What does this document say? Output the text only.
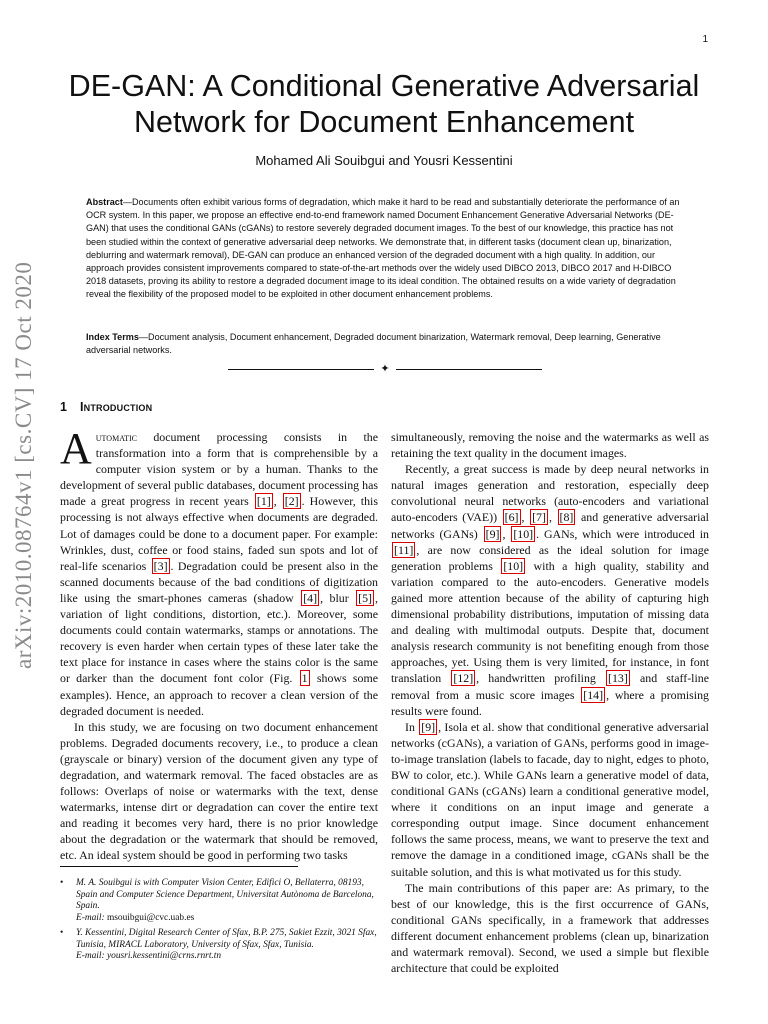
1
arXiv:2010.08764v1 [cs.CV] 17 Oct 2020
DE-GAN: A Conditional Generative Adversarial Network for Document Enhancement
Mohamed Ali Souibgui and Yousri Kessentini

Abstract—Documents often exhibit various forms of degradation, which make it hard to be read and substantially deteriorate the performance of an OCR system. In this paper, we propose an effective end-to-end framework named Document Enhancement Generative Adversarial Networks (DE-GAN) that uses the conditional GANs (cGANs) to restore severely degraded document images. To the best of our knowledge, this practice has not been studied within the context of generative adversarial deep networks. We demonstrate that, in different tasks (document clean up, binarization, deblurring and watermark removal), DE-GAN can produce an enhanced version of the degraded document with a high quality. In addition, our approach provides consistent improvements compared to state-of-the-art methods over the widely used DIBCO 2013, DIBCO 2017 and H-DIBCO 2018 datasets, proving its ability to restore a degraded document image to its ideal condition. The obtained results on a wide variety of degradation reveal the flexibility of the proposed model to be exploited in other document enhancement problems.

Index Terms—Document analysis, Document enhancement, Degraded document binarization, Watermark removal, Deep learning, Generative adversarial networks.

✦
1 Introduction

Automatic document processing consists in the transformation into a form that is comprehensible by a computer vision system or by a human. Thanks to the development of several public databases, document processing has made a great progress in recent years [1] , [2] . However, this processing is not always effective when documents are degraded. Lot of damages could be done to a document paper. For example: Wrinkles, dust, coffee or food stains, faded sun spots and lot of real-life scenarios [3] . Degradation could be present also in the scanned documents because of the bad conditions of digitization like using the smart-phones cameras (shadow [4] , blur [5] , variation of light conditions, distortion, etc.). Moreover, some documents could contain watermarks, stamps or annotations. The recovery is even harder when certain types of these later take the text place for instance in cases where the stains color is the same or darker than the document font color (Fig. 1 shows some examples). Hence, an approach to recover a clean version of the degraded document is needed.

In this study, we are focusing on two document enhancement problems. Degraded documents recovery, i.e., to produce a clean (grayscale or binary) version of the document given any type of degradation, and watermark removal. The faced obstacles are as follows: Overlaps of noise or watermarks with the text, dense watermarks, intense dirt or degradation can cover the entire text and reading it becomes very hard, there is no prior knowledge about the degradation or the watermark that should be removed, etc. An ideal system should be good in performing two tasks

simultaneously, removing the noise and the watermarks as well as retaining the text quality in the document images.

Recently, a great success is made by deep neural networks in natural images generation and restoration, especially deep convolutional neural networks (auto-encoders and variational auto-encoders (VAE)) [6] , [7] , [8] and generative adversarial networks (GANs) [9] , [10] . GANs, which were introduced in [11] , are now considered as the ideal solution for image generation problems [10] with a high quality, stability and variation compared to the auto-encoders. Generative models gained more attention because of the ability of capturing high dimensional probability distributions, imputation of missing data and dealing with multimodal outputs. Despite that, document analysis research community is not benefiting enough from those approaches, yet. Using them is very limited, for instance, in font translation [12] , handwritten profiling [13] and staff-line removal from a music score images [14] , where a promising results were found.

In [9] , Isola et al. show that conditional generative adversarial networks (cGANs), a variation of GANs, performs good in image-to-image translation (labels to facade, day to night, edges to photo, BW to color, etc.). While GANs learn a generative model of data, conditional GANs (cGANs) learn a conditional generative model, where it conditions on an input image and generate a corresponding output image. Since document enhancement follows the same process, means, we want to preserve the text and remove the damage in a conditioned image, cGANs shall be the suitable solution, and this is what motivated us for this study.

The main contributions of this paper are: As primary, to the best of our knowledge, this is the first occurrence of GANs, conditional GANs specifically, in a framework that addresses different document enhancement problems (clean up, binarization and watermark removal). Second, we used a simple but flexible architecture that could be exploited

• M. A. Souibgui is with Computer Vision Center, Edifici O, Bellaterra, 08193, Spain and Computer Science Department, Universitat Autònoma de Barcelona, Spain.
E-mail: msouibgui@cvc.uab.es
• Y. Kessentini, Digital Research Center of Sfax, B.P. 275, Sakiet Ezzit, 3021 Sfax, Tunisia, MIRACL Laboratory, University of Sfax, Sfax, Tunisia.
E-mail: yousri.kessentini@crns.rnrt.tn
